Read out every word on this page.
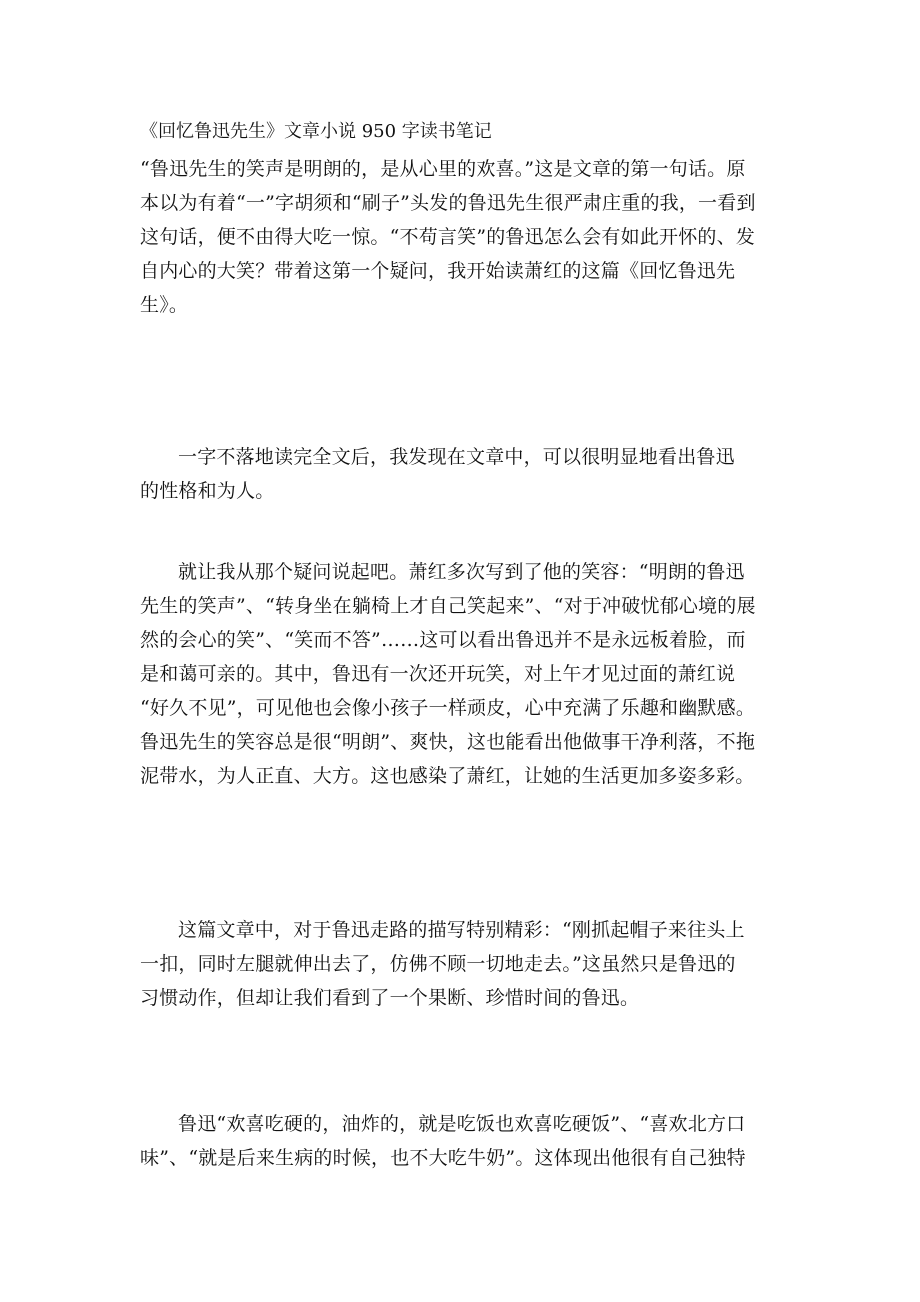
《回忆鲁迅先生》文章小说 950 字读书笔记
“鲁迅先生的笑声是明朗的，是从心里的欢喜。”这是文章的第一句话。原
本以为有着“一”字胡须和“刷子”头发的鲁迅先生很严肃庄重的我，一看到
这句话，便不由得大吃一惊。“不苟言笑”的鲁迅怎么会有如此开怀的、发
自内心的大笑？带着这第一个疑问，我开始读萧红的这篇《回忆鲁迅先
生》。
一字不落地读完全文后，我发现在文章中，可以很明显地看出鲁迅
的性格和为人。
就让我从那个疑问说起吧。萧红多次写到了他的笑容：“明朗的鲁迅
先生的笑声”、“转身坐在躺椅上才自己笑起来”、“对于冲破忧郁心境的展
然的会心的笑”、“笑而不答”……这可以看出鲁迅并不是永远板着脸，而
是和蔼可亲的。其中，鲁迅有一次还开玩笑，对上午才见过面的萧红说
“好久不见”，可见他也会像小孩子一样顽皮，心中充满了乐趣和幽默感。
鲁迅先生的笑容总是很“明朗”、爽快，这也能看出他做事干净利落，不拖
泥带水，为人正直、大方。这也感染了萧红，让她的生活更加多姿多彩。
这篇文章中，对于鲁迅走路的描写特别精彩：“刚抓起帽子来往头上
一扣，同时左腿就伸出去了，仿佛不顾一切地走去。”这虽然只是鲁迅的
习惯动作，但却让我们看到了一个果断、珍惜时间的鲁迅。
鲁迅“欢喜吃硬的，油炸的，就是吃饭也欢喜吃硬饭”、“喜欢北方口
味”、“就是后来生病的时候，也不大吃牛奶”。这体现出他很有自己独特
